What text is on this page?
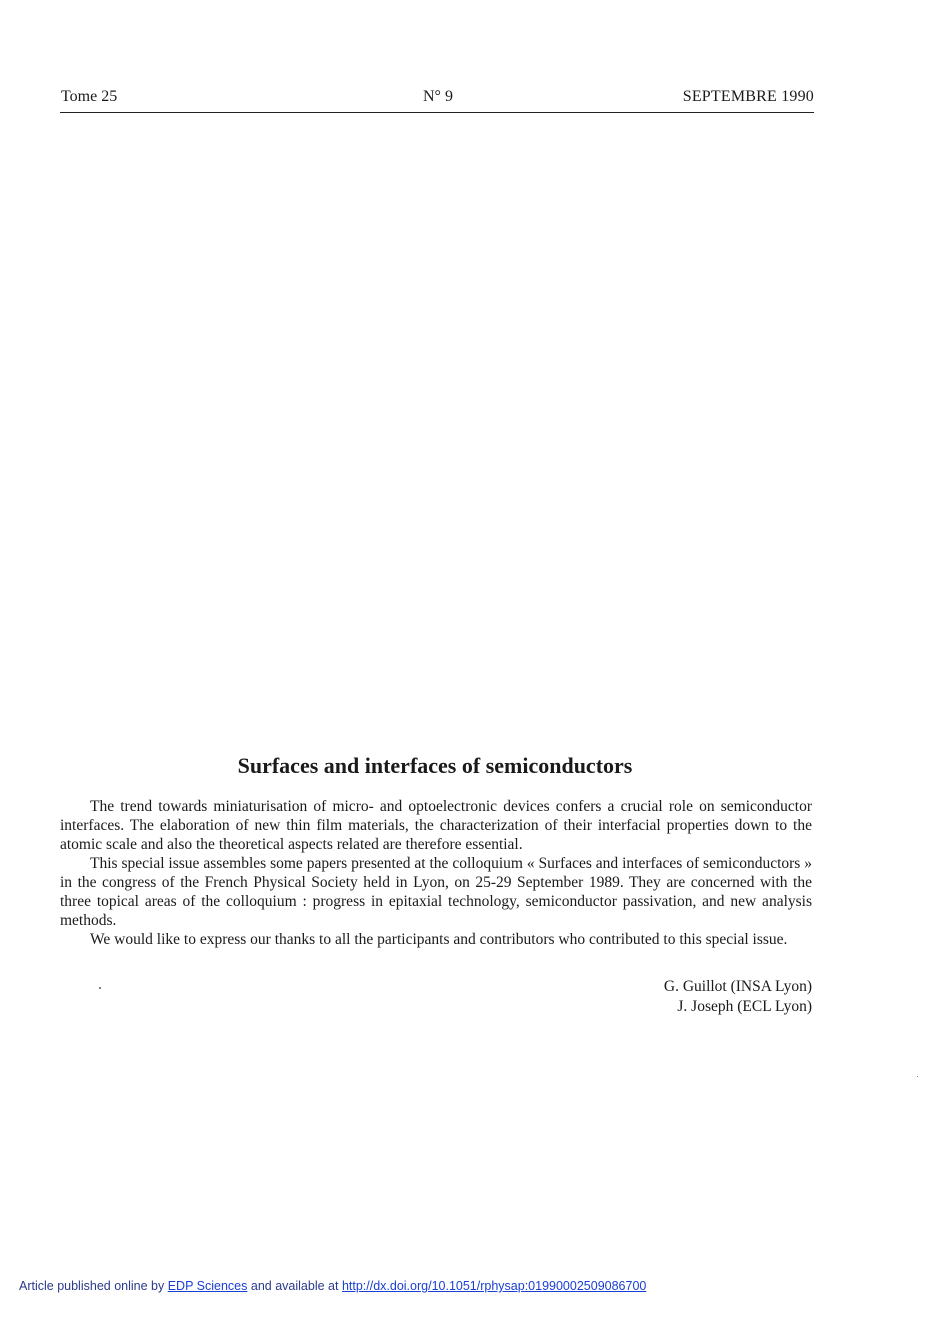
Tome 25	N° 9	SEPTEMBRE 1990
Surfaces and interfaces of semiconductors

The trend towards miniaturisation of micro- and optoelectronic devices confers a crucial role on semiconductor interfaces. The elaboration of new thin film materials, the characterization of their interfacial properties down to the atomic scale and also the theoretical aspects related are therefore essential.

This special issue assembles some papers presented at the colloquium « Surfaces and interfaces of semiconductors » in the congress of the French Physical Society held in Lyon, on 25-29 September 1989. They are concerned with the three topical areas of the colloquium : progress in epitaxial technology, semiconductor passivation, and new analysis methods.

We would like to express our thanks to all the participants and contributors who contributed to this special issue.

G. Guillot (INSA Lyon)
J. Joseph (ECL Lyon)
Article published online by EDP Sciences and available at http://dx.doi.org/10.1051/rphysap:01990002509086700
